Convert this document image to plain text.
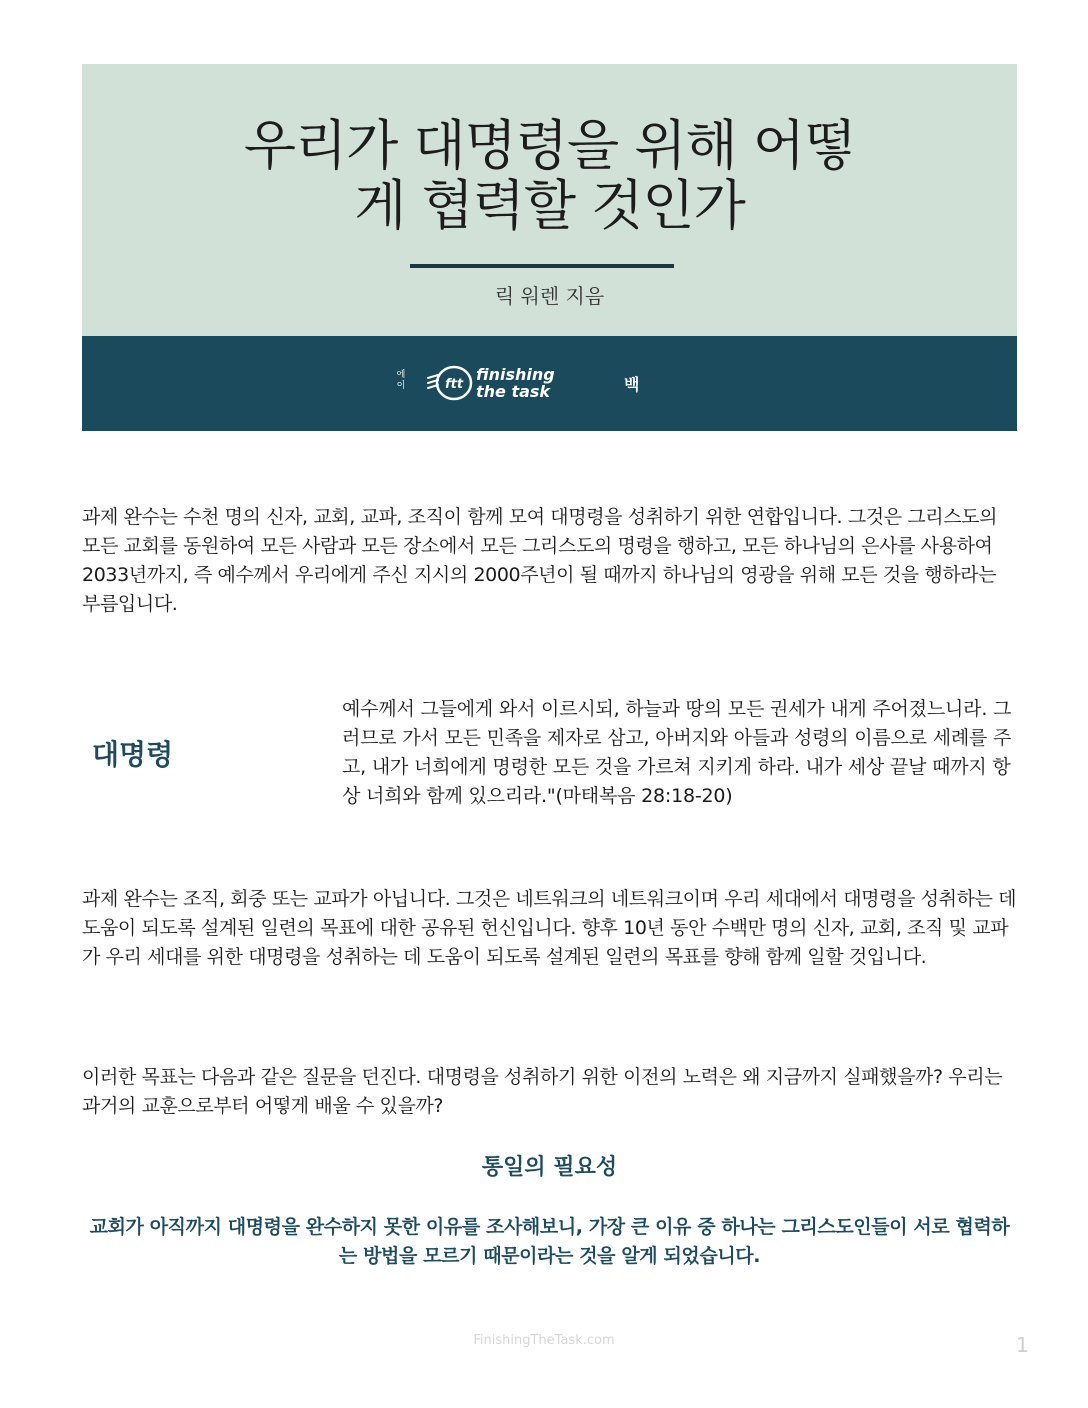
우리가 대명령을 위해 어떻
게 협력할 것인가
릭 워렌 지음
에이	ftt
finishing
the task	백

과제 완수는 수천 명의 신자, 교회, 교파, 조직이 함께 모여 대명령을 성취하기 위한 연합입니다. 그것은 그리스도의 모든 교회를 동원하여 모든 사람과 모든 장소에서 모든 그리스도의 명령을 행하고, 모든 하나님의 은사를 사용하여 2033년까지, 즉 예수께서 우리에게 주신 지시의 2000주년이 될 때까지 하나님의 영광을 위해 모든 것을 행하라는 부름입니다.

대명령

예수께서 그들에게 와서 이르시되, 하늘과 땅의 모든 권세가 내게 주어졌느니라. 그러므로 가서 모든 민족을 제자로 삼고, 아버지와 아들과 성령의 이름으로 세례를 주고, 내가 너희에게 명령한 모든 것을 가르쳐 지키게 하라. 내가 세상 끝날 때까지 항상 너희와 함께 있으리라."(마태복음 28:18-20)

과제 완수는 조직, 회중 또는 교파가 아닙니다. 그것은 네트워크의 네트워크이며 우리 세대에서 대명령을 성취하는 데 도움이 되도록 설계된 일련의 목표에 대한 공유된 헌신입니다. 향후 10년 동안 수백만 명의 신자, 교회, 조직 및 교파가 우리 세대를 위한 대명령을 성취하는 데 도움이 되도록 설계된 일련의 목표를 향해 함께 일할 것입니다.

이러한 목표는 다음과 같은 질문을 던진다. 대명령을 성취하기 위한 이전의 노력은 왜 지금까지 실패했을까? 우리는 과거의 교훈으로부터 어떻게 배울 수 있을까?

통일의 필요성

교회가 아직까지 대명령을 완수하지 못한 이유를 조사해보니, 가장 큰 이유 중 하나는 그리스도인들이 서로 협력하는 방법을 모르기 때문이라는 것을 알게 되었습니다.

FinishingTheTask.com	1
